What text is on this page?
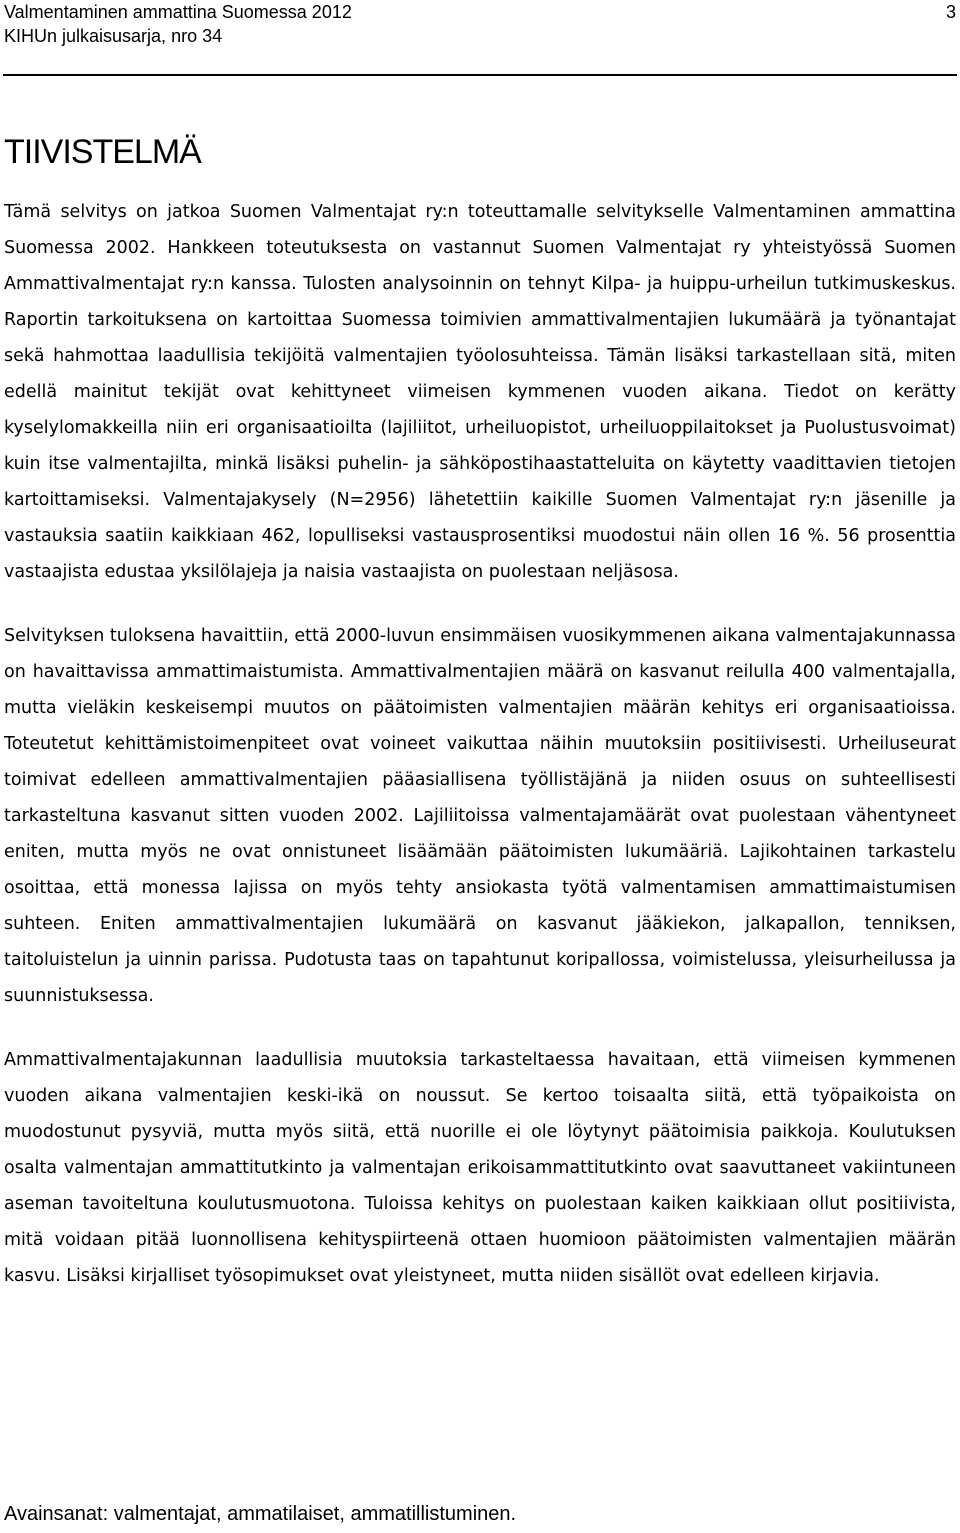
Valmentaminen ammattina Suomessa 2012
KIHUn julkaisusarja, nro 34
3
TIIVISTELMÄ

Tämä selvitys on jatkoa Suomen Valmentajat ry:n toteuttamalle selvitykselle Valmentaminen ammattina Suomessa 2002. Hankkeen toteutuksesta on vastannut Suomen Valmentajat ry yhteistyössä Suomen Ammattivalmentajat ry:n kanssa. Tulosten analysoinnin on tehnyt Kilpa- ja huippu-urheilun tutkimuskeskus. Raportin tarkoituksena on kartoittaa Suomessa toimivien ammattivalmentajien lukumäärä ja työnantajat sekä hahmottaa laadullisia tekijöitä valmentajien työolosuhteissa. Tämän lisäksi tarkastellaan sitä, miten edellä mainitut tekijät ovat kehittyneet viimeisen kymmenen vuoden aikana. Tiedot on kerätty kyselylomakkeilla niin eri organisaatioilta (lajiliitot, urheiluopistot, urheiluoppilaitokset ja Puolustusvoimat) kuin itse valmentajilta, minkä lisäksi puhelin- ja sähköpostihaastatteluita on käytetty vaadittavien tietojen kartoittamiseksi. Valmentajakysely (N=2956) lähetettiin kaikille Suomen Valmentajat ry:n jäsenille ja vastauksia saatiin kaikkiaan 462, lopulliseksi vastausprosentiksi muodostui näin ollen 16 %. 56 prosenttia vastaajista edustaa yksilölajeja ja naisia vastaajista on puolestaan neljäsosa.

Selvityksen tuloksena havaittiin, että 2000-luvun ensimmäisen vuosikymmenen aikana valmentajakunnassa on havaittavissa ammattimaistumista. Ammattivalmentajien määrä on kasvanut reilulla 400 valmentajalla, mutta vieläkin keskeisempi muutos on päätoimisten valmentajien määrän kehitys eri organisaatioissa. Toteutetut kehittämistoimenpiteet ovat voineet vaikuttaa näihin muutoksiin positiivisesti. Urheiluseurat toimivat edelleen ammattivalmentajien pääasiallisena työllistäjänä ja niiden osuus on suhteellisesti tarkasteltuna kasvanut sitten vuoden 2002. Lajiliitoissa valmentajamäärät ovat puolestaan vähentyneet eniten, mutta myös ne ovat onnistuneet lisäämään päätoimisten lukumääriä. Lajikohtainen tarkastelu osoittaa, että monessa lajissa on myös tehty ansiokasta työtä valmentamisen ammattimaistumisen suhteen. Eniten ammattivalmentajien lukumäärä on kasvanut jääkiekon, jalkapallon, tenniksen, taitoluistelun ja uinnin parissa. Pudotusta taas on tapahtunut koripallossa, voimistelussa, yleisurheilussa ja suunnistuksessa.

Ammattivalmentajakunnan laadullisia muutoksia tarkasteltaessa havaitaan, että viimeisen kymmenen vuoden aikana valmentajien keski-ikä on noussut. Se kertoo toisaalta siitä, että työpaikoista on muodostunut pysyviä, mutta myös siitä, että nuorille ei ole löytynyt päätoimisia paikkoja. Koulutuksen osalta valmentajan ammattitutkinto ja valmentajan erikoisammattitutkinto ovat saavuttaneet vakiintuneen aseman tavoiteltuna koulutusmuotona. Tuloissa kehitys on puolestaan kaiken kaikkiaan ollut positiivista, mitä voidaan pitää luonnollisena kehityspiirteenä ottaen huomioon päätoimisten valmentajien määrän kasvu. Lisäksi kirjalliset työsopimukset ovat yleistyneet, mutta niiden sisällöt ovat edelleen kirjavia.

Avainsanat: valmentajat, ammatilaiset, ammatillistuminen.
